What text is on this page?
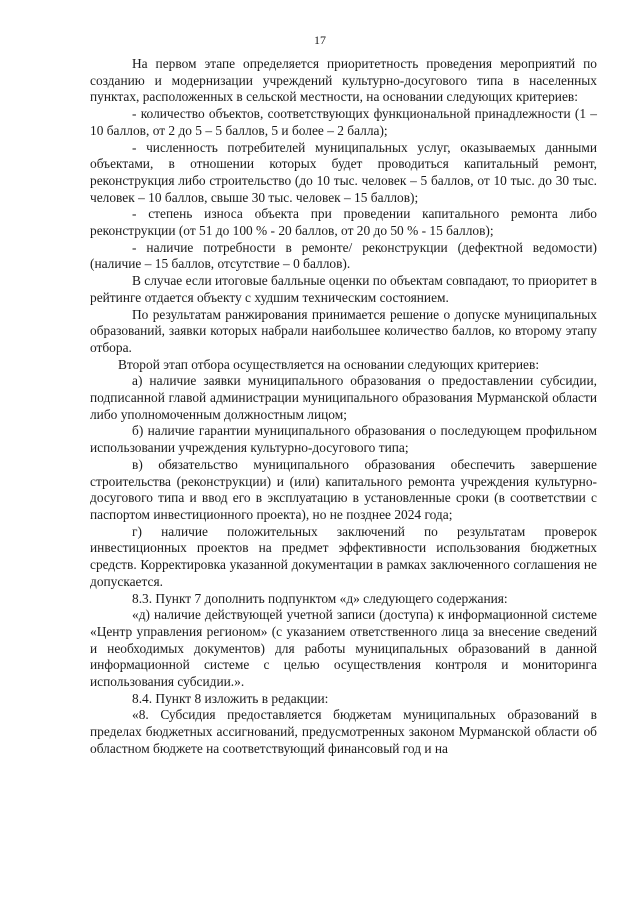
17

На первом этапе определяется приоритетность проведения мероприятий по созданию и модернизации учреждений культурно-досугового типа в населенных пунктах, расположенных в сельской местности, на основании следующих критериев:

- количество объектов, соответствующих функциональной принадлежности (1 – 10 баллов, от 2 до 5 – 5 баллов, 5 и более – 2 балла);

- численность потребителей муниципальных услуг, оказываемых данными объектами, в отношении которых будет проводиться капитальный ремонт, реконструкция либо строительство (до 10 тыс. человек – 5 баллов, от 10 тыс. до 30 тыс. человек – 10 баллов, свыше 30 тыс. человек – 15 баллов);

- степень износа объекта при проведении капитального ремонта либо реконструкции (от 51 до 100 % - 20 баллов, от 20 до 50 % - 15 баллов);

- наличие потребности в ремонте/ реконструкции (дефектной ведомости) (наличие – 15 баллов, отсутствие – 0 баллов).

В случае если итоговые балльные оценки по объектам совпадают, то приоритет в рейтинге отдается объекту с худшим техническим состоянием.

По результатам ранжирования принимается решение о допуске муниципальных образований, заявки которых набрали наибольшее количество баллов, ко второму этапу отбора.

Второй этап отбора осуществляется на основании следующих критериев:

а) наличие заявки муниципального образования о предоставлении субсидии, подписанной главой администрации муниципального образования Мурманской области либо уполномоченным должностным лицом;

б) наличие гарантии муниципального образования о последующем профильном использовании учреждения культурно-досугового типа;

в) обязательство муниципального образования обеспечить завершение строительства (реконструкции) и (или) капитального ремонта учреждения культурно-досугового типа и ввод его в эксплуатацию в установленные сроки (в соответствии с паспортом инвестиционного проекта), но не позднее 2024 года;

г) наличие положительных заключений по результатам проверок инвестиционных проектов на предмет эффективности использования бюджетных средств. Корректировка указанной документации в рамках заключенного соглашения не допускается.

8.3. Пункт 7 дополнить подпунктом «д» следующего содержания:

«д) наличие действующей учетной записи (доступа) к информационной системе «Центр управления регионом» (с указанием ответственного лица за внесение сведений и необходимых документов) для работы муниципальных образований в данной информационной системе с целью осуществления контроля и мониторинга использования субсидии.».

8.4. Пункт 8 изложить в редакции:

«8. Субсидия предоставляется бюджетам муниципальных образований в пределах бюджетных ассигнований, предусмотренных законом Мурманской области об областном бюджете на соответствующий финансовый год и на
